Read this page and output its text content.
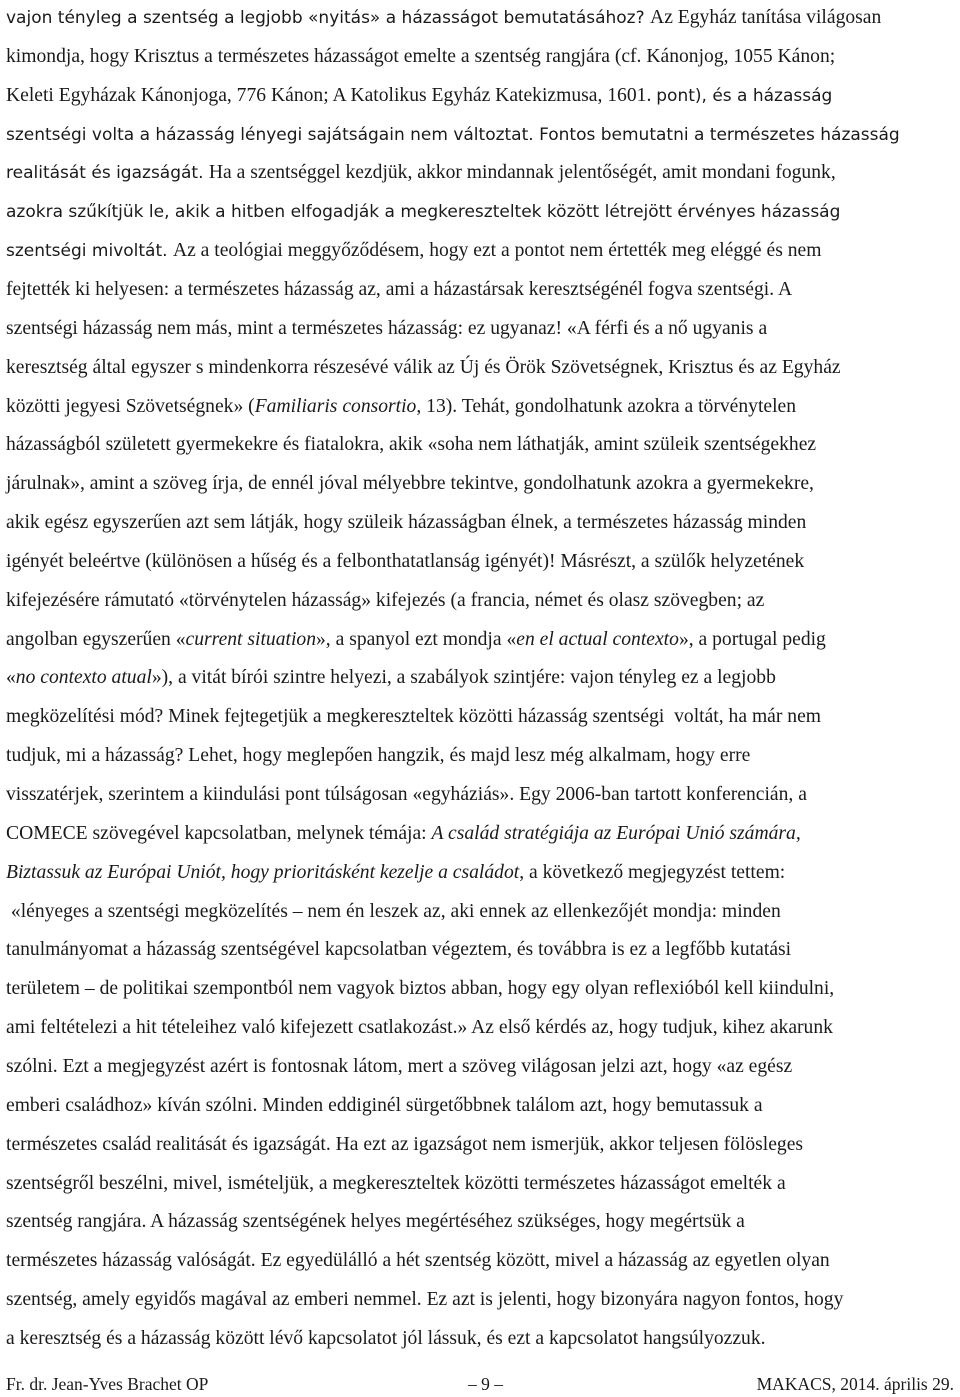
vajon tényleg a szentség a legjobb «nyitás» a házasságot bemutatásához? Az Egyház tanítása világosan
kimondja, hogy Krisztus a természetes házasságot emelte a szentség rangjára (cf. Kánonjog, 1055 Kánon;
Keleti Egyházak Kánonjoga, 776 Kánon; A Katolikus Egyház Katekizmusa, 1601. pont), és a házasság
szentségi volta a házasság lényegi sajátságain nem változtat. Fontos bemutatni a természetes házasság
realitását és igazságát. Ha a szentséggel kezdjük, akkor mindannak jelentőségét, amit mondani fogunk,
azokra szűkítjük le, akik a hitben elfogadják a megkereszteltek között létrejött érvényes házasság
szentségi mivoltát. Az a teológiai meggyőződésem, hogy ezt a pontot nem értették meg eléggé és nem
fejtették ki helyesen: a természetes házasság az, ami a házastársak keresztségénél fogva szentségi. A
szentségi házasság nem más, mint a természetes házasság: ez ugyanaz! «A férfi és a nő ugyanis a
keresztség által egyszer s mindenkorra részesévé válik az Új és Örök Szövetségnek, Krisztus és az Egyház
közötti jegyesi Szövetségnek» (Familiaris consortio, 13). Tehát, gondolhatunk azokra a törvénytelen
házasságból született gyermekekre és fiatalokra, akik «soha nem láthatják, amint szüleik szentségekhez
járulnak», amint a szöveg írja, de ennél jóval mélyebbre tekintve, gondolhatunk azokra a gyermekekre,
akik egész egyszerűen azt sem látják, hogy szüleik házasságban élnek, a természetes házasság minden
igényét beleértve (különösen a hűség és a felbonthatatlanság igényét)! Másrészt, a szülők helyzetének
kifejezésére rámutató «törvénytelen házasság» kifejezés (a francia, német és olasz szövegben; az
angolban egyszerűen «current situation», a spanyol ezt mondja «en el actual contexto», a portugal pedig
«no contexto atual»), a vitát bírói szintre helyezi, a szabályok szintjére: vajon tényleg ez a legjobb
megközelítési mód? Minek fejtegetjük a megkereszteltek közötti házasság szentségi  voltát, ha már nem
tudjuk, mi a házasság? Lehet, hogy meglepően hangzik, és majd lesz még alkalmam, hogy erre
visszatérjek, szerintem a kiindulási pont túlságosan «egyháziás». Egy 2006-ban tartott konferencián, a
COMECE szövegével kapcsolatban, melynek témája: A család stratégiája az Európai Unió számára,
Biztassuk az Európai Uniót, hogy prioritásként kezelje a családot, a következő megjegyzést tettem:
«lényeges a szentségi megközelítés – nem én leszek az, aki ennek az ellenkezőjét mondja: minden
tanulmányomat a házasság szentségével kapcsolatban végeztem, és továbbra is ez a legfőbb kutatási
területem – de politikai szempontból nem vagyok biztos abban, hogy egy olyan reflexióból kell kiindulni,
ami feltételezi a hit tételeihez való kifejezett csatlakozást.» Az első kérdés az, hogy tudjuk, kihez akarunk
szólni. Ezt a megjegyzést azért is fontosnak látom, mert a szöveg világosan jelzi azt, hogy «az egész
emberi családhoz» kíván szólni. Minden eddiginél sürgetőbbnek találom azt, hogy bemutassuk a
természetes család realitását és igazságát. Ha ezt az igazságot nem ismerjük, akkor teljesen fölösleges
szentségről beszélni, mivel, ismételjük, a megkereszteltek közötti természetes házasságot emelték a
szentség rangjára. A házasság szentségének helyes megértéséhez szükséges, hogy megértsük a
természetes házasság valóságát. Ez egyedülálló a hét szentség között, mivel a házasság az egyetlen olyan
szentség, amely egyidős magával az emberi nemmel. Ez azt is jelenti, hogy bizonyára nagyon fontos, hogy
a keresztség és a házasság között lévő kapcsolatot jól lássuk, és ezt a kapcsolatot hangsúlyozzuk.
Fr. dr. Jean-Yves Brachet OP	– 9 –	MAKACS, 2014. április 29.
